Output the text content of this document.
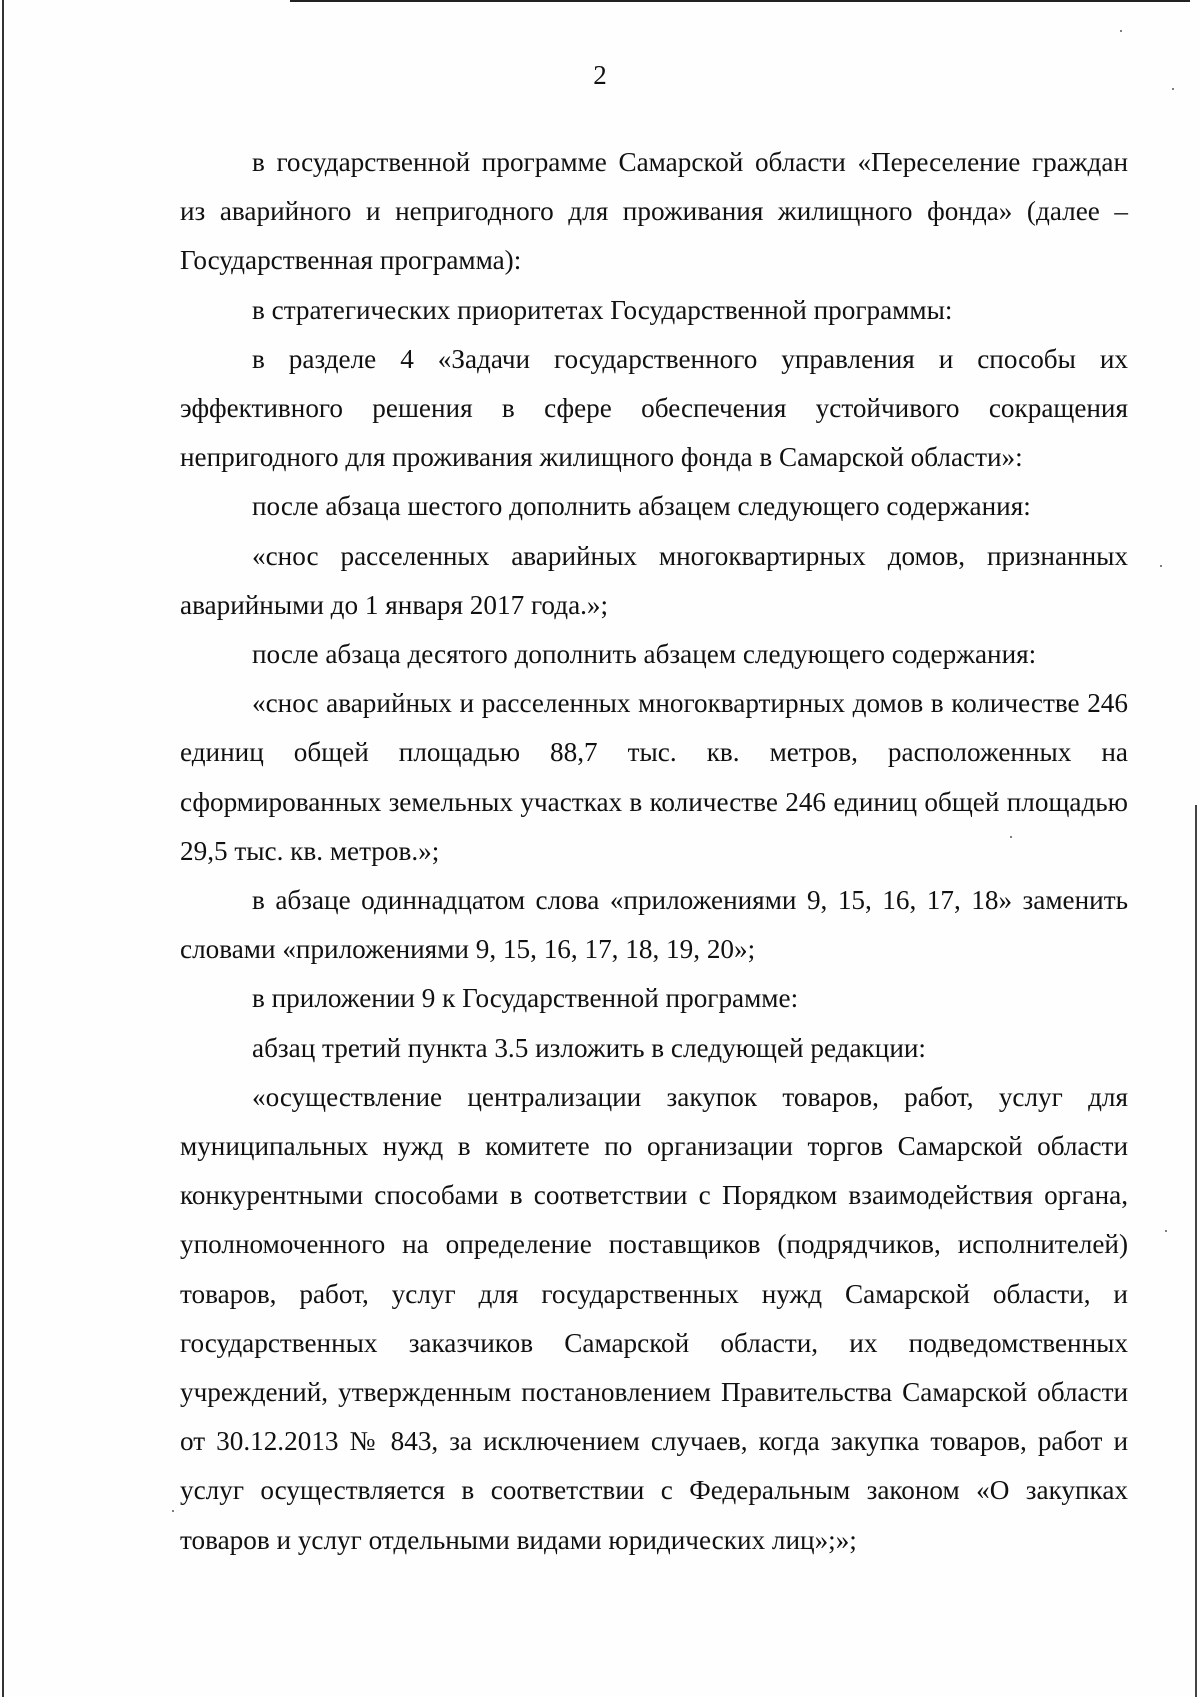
2

в государственной программе Самарской области «Переселение граждан из аварийного и непригодного для проживания жилищного фонда» (далее – Государственная программа):

в стратегических приоритетах Государственной программы:

в разделе 4 «Задачи государственного управления и способы их эффективного решения в сфере обеспечения устойчивого сокращения непригодного для проживания жилищного фонда в Самарской области»:

после абзаца шестого дополнить абзацем следующего содержания:

«снос расселенных аварийных многоквартирных домов, признанных аварийными до 1 января 2017 года.»;

после абзаца десятого дополнить абзацем следующего содержания:

«снос аварийных и расселенных многоквартирных домов в количестве 246 единиц общей площадью 88,7 тыс. кв. метров, расположенных на сформированных земельных участках в количестве 246 единиц общей площадью 29,5 тыс. кв. метров.»;

в абзаце одиннадцатом слова «приложениями 9, 15, 16, 17, 18» заменить словами «приложениями 9, 15, 16, 17, 18, 19, 20»;

в приложении 9 к Государственной программе:

абзац третий пункта 3.5 изложить в следующей редакции:

«осуществление централизации закупок товаров, работ, услуг для муниципальных нужд в комитете по организации торгов Самарской области конкурентными способами в соответствии с Порядком взаимодействия органа, уполномоченного на определение поставщиков (подрядчиков, исполнителей) товаров, работ, услуг для государственных нужд Самарской области, и государственных заказчиков Самарской области, их подведомственных учреждений, утвержденным постановлением Правительства Самарской области от 30.12.2013 № 843, за исключением случаев, когда закупка товаров, работ и услуг осуществляется в соответствии с Федеральным законом «О закупках товаров и услуг отдельными видами юридических лиц»;»;
